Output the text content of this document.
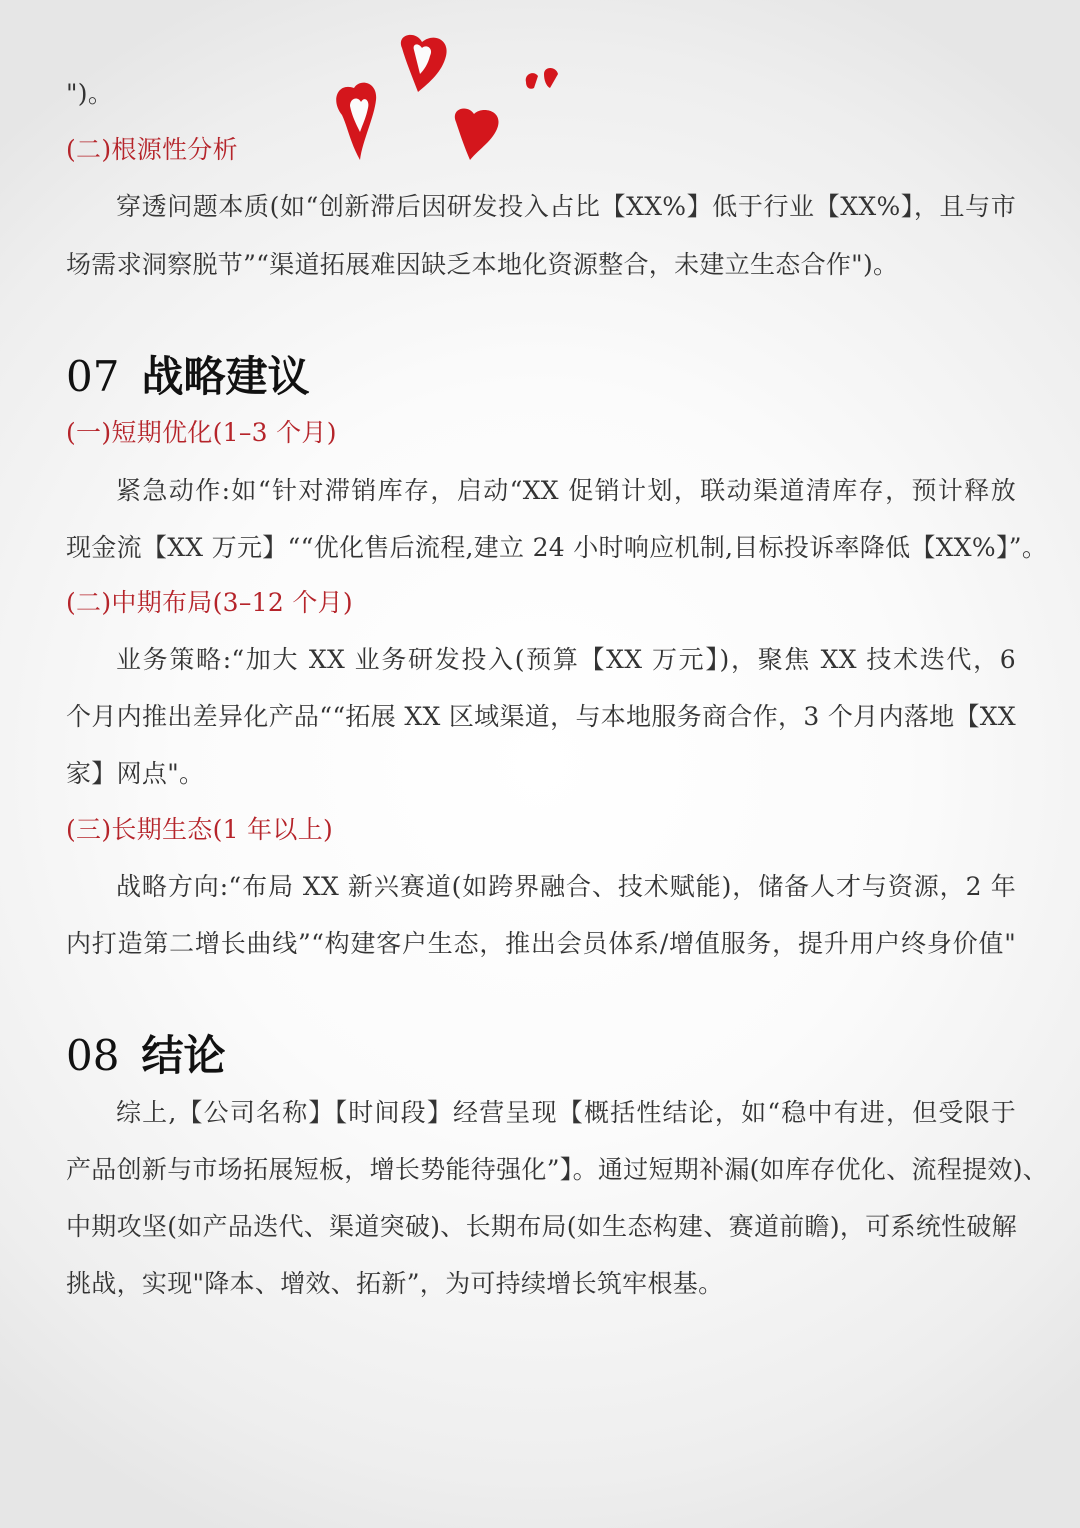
")。
(二)根源性分析
穿透问题本质(如“创新滞后因研发投入占比【XX%】低于行业【XX%】，且与市
场需求洞察脱节”“渠道拓展难因缺乏本地化资源整合，未建立生态合作")。
07 战略建议
(一)短期优化(1–3 个月)
紧急动作:如“针对滞销库存，启动“XX 促销计划，联动渠道清库存，预计释放
现金流【XX 万元】““优化售后流程,建立 24 小时响应机制,目标投诉率降低【XX%】”。
(二)中期布局(3–12 个月)
业务策略:“加大 XX 业务研发投入(预算【XX 万元】)，聚焦 XX 技术迭代，6
个月内推出差异化产品““拓展 XX 区域渠道，与本地服务商合作，3 个月内落地【XX
家】网点"。
(三)长期生态(1 年以上)
战略方向:“布局 XX 新兴赛道(如跨界融合、技术赋能)，储备人才与资源，2 年
内打造第二增长曲线”“构建客户生态，推出会员体系/增值服务，提升用户终身价值"
08 结论
综上,【公司名称】【时间段】经营呈现【概括性结论，如“稳中有进，但受限于
产品创新与市场拓展短板，增长势能待强化”】。通过短期补漏(如库存优化、流程提效)、
中期攻坚(如产品迭代、渠道突破)、长期布局(如生态构建、赛道前瞻)，可系统性破解
挑战，实现"降本、增效、拓新”，为可持续增长筑牢根基。
